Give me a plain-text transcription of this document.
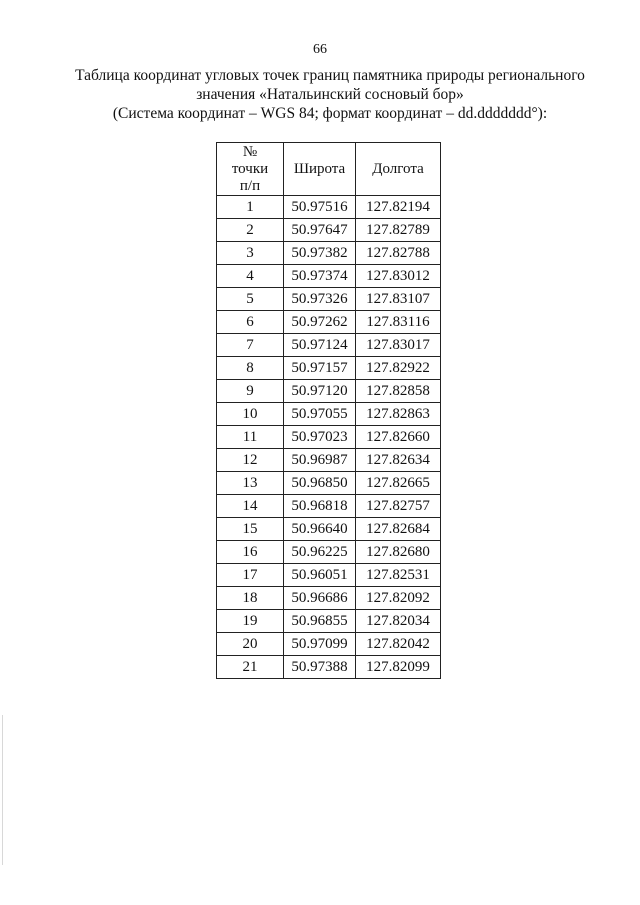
66
Таблица координат угловых точек границ памятника природы регионального
значения «Натальинский сосновый бор»
(Система координат – WGS 84; формат координат – dd.ddddddd°):
№
точки
п/п	Широта	Долгота
1	50.97516	127.82194
2	50.97647	127.82789
3	50.97382	127.82788
4	50.97374	127.83012
5	50.97326	127.83107
6	50.97262	127.83116
7	50.97124	127.83017
8	50.97157	127.82922
9	50.97120	127.82858
10	50.97055	127.82863
11	50.97023	127.82660
12	50.96987	127.82634
13	50.96850	127.82665
14	50.96818	127.82757
15	50.96640	127.82684
16	50.96225	127.82680
17	50.96051	127.82531
18	50.96686	127.82092
19	50.96855	127.82034
20	50.97099	127.82042
21	50.97388	127.82099
